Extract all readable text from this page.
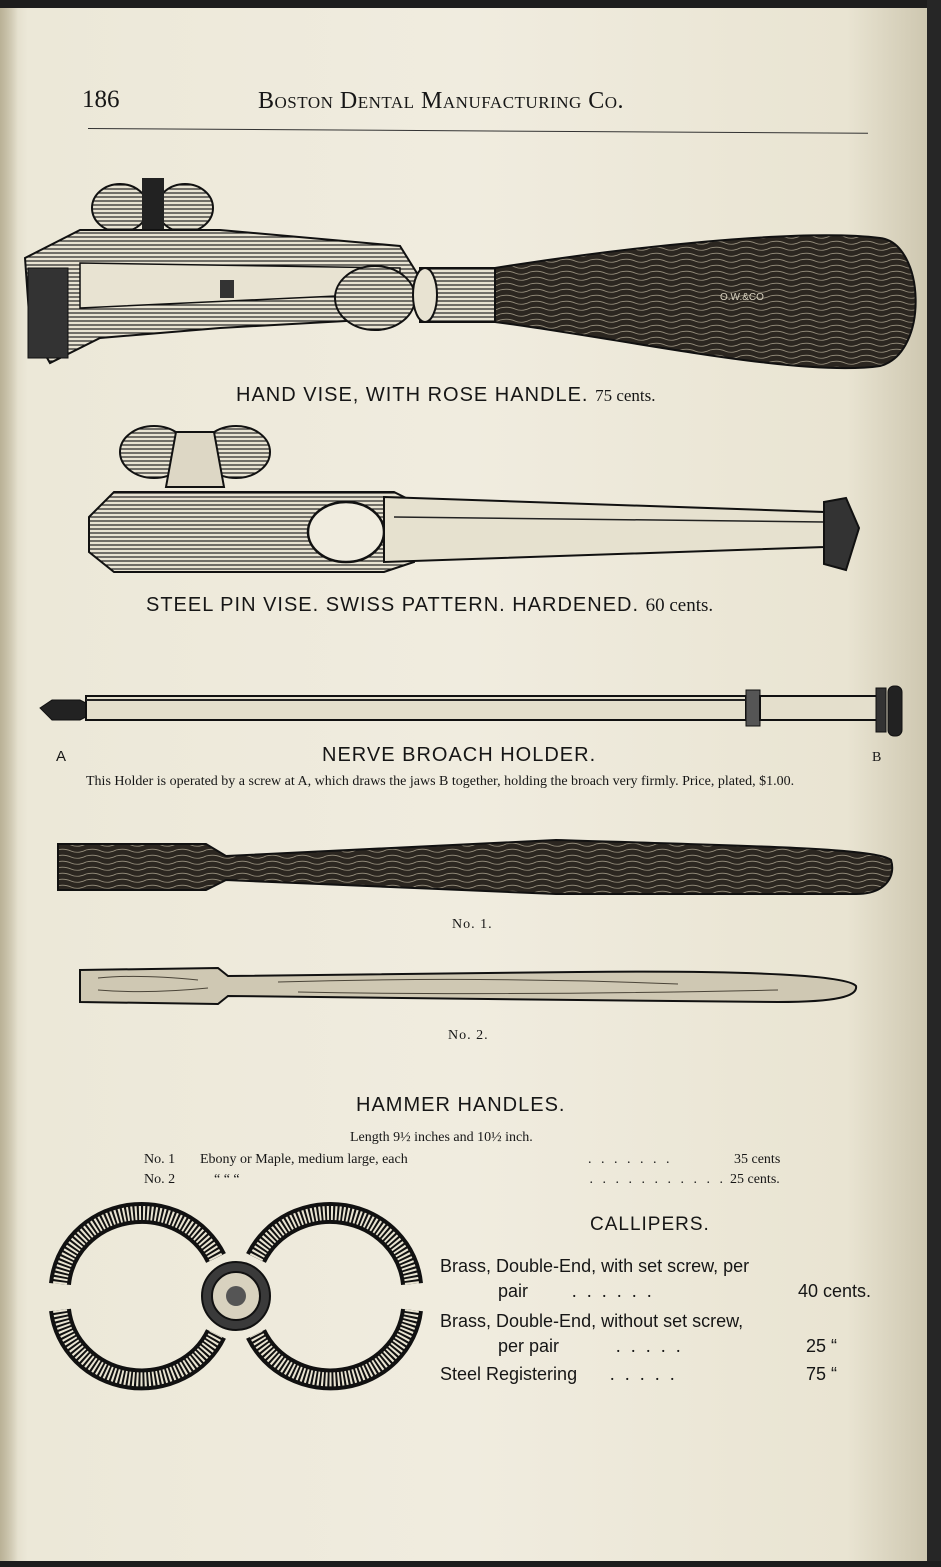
186	Boston Dental Manufacturing Co.
O.W.&CO
HAND VISE, WITH ROSE HANDLE. 75 cents.
STEEL PIN VISE. SWISS PATTERN. HARDENED. 60 cents.
A	NERVE BROACH HOLDER.	B
This Holder is operated by a screw at A, which draws the jaws B together, holding the broach very firmly. Price, plated, $1.00.
No. 1.
No. 2.
HAMMER HANDLES.
Length 9½ inches and 10½ inch.
No. 1 Ebony or Maple, medium large, each	. . . . . . .	35 cents
No. 2	“ “ “	. . . . . . . . . . . 25 cents.
CALLIPERS.
Brass, Double-End, with set screw, per
pair. . . . . .	40 cents.
Brass, Double-End, without set screw,
per pair	. . . . .	25 “
Steel Registering. . . . .	75 “
